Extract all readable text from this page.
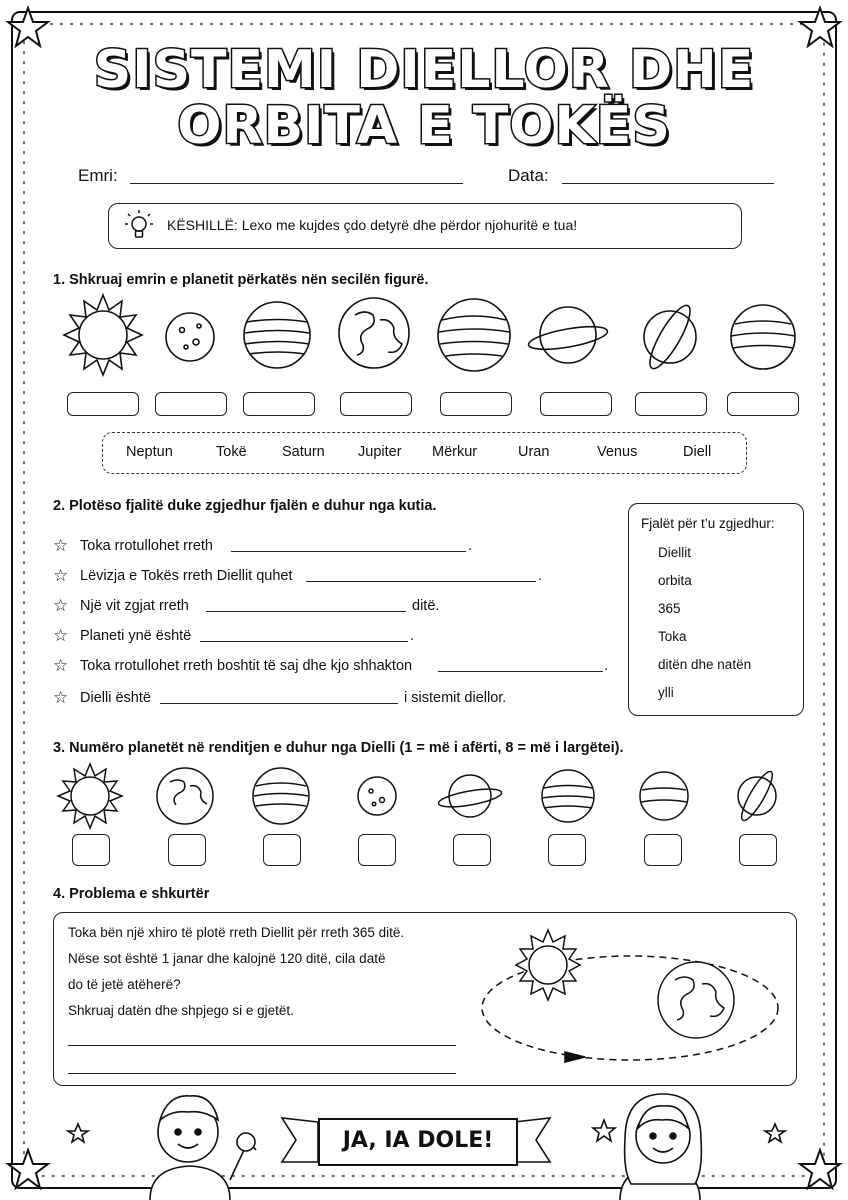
SISTEMI DIELLOR DHE
ORBITA E TOKËS
Emri:	Data:
KËSHILLË: Lexo me kujdes çdo detyrë dhe përdor njohuritë e tua!
1. Shkruaj emrin e planetit përkatës nën secilën figurë.
Neptun	Tokë Saturn Jupiter Mërkur	Uran	Venus	Diell
2. Plotëso fjalitë duke zgjedhur fjalën e duhur nga kutia.
☆ Toka rrotullohet rreth	.
☆ Lëvizja e Tokës rreth Diellit quhet	.
☆ Një vit zgjat rreth	ditë.
☆ Planeti ynë është	.
☆ Toka rrotullohet rreth boshtit të saj dhe kjo shhakton	.
☆ Dielli është	i sistemit diellor.
Fjalët për t’u zgjedhur:
Diellit
orbita
365
Toka
ditën dhe natën
ylli
3. Numëro planetët në renditjen e duhur nga Dielli (1 = më i afërti, 8 = më i largëtei).
4. Problema e shkurtër
Toka bën një xhiro të plotë rreth Diellit për rreth 365 ditë.
Nëse sot është 1 janar dhe kalojnë 120 ditë, cila datë
do të jetë atëherë?
Shkruaj datën dhe shpjego si e gjetët.
JA, IA DOLE!
